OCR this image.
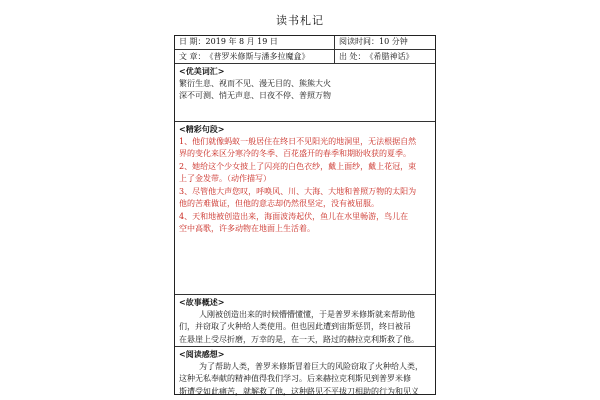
读书札记
日 期： 2019 年 8 月 19 日	阅读时间： 10 分钟
文 章： 《普罗米修斯与潘多拉魔盒》	出 处： 《希腊神话》
<优美词汇>
繁衍生息、视而不见、漫无目的、熊熊大火
深不可测、悄无声息、日夜不停、普照万物
<精彩句段>
1、他们就像蚂蚁一般居住在终日不见阳光的地洞里，无法根据自然
界的变化来区分寒冷的冬季、百花盛开的春季和期盼收获的夏季。
2、她给这个少女披上了闪亮的白色衣纱，戴上面纱，戴上花冠，束
上了金发带。（动作描写）
3、尽管他大声您叹，呼唤风、川、大海、大地和普照万物的太阳为
他的苦难做证，但他的意志却仍然很坚定，没有被屈服。
4、天和地被创造出来，海面波涛起伏，鱼儿在水里畅游，鸟儿在
空中高歌，许多动物在地面上生活着。
<故事概述>
人刚被创造出来的时候懵懵懂懂，于是普罗米修斯就来帮助他
们，并窃取了火种给人类使用。但也因此遭到宙斯惩罚，终日被吊
在悬崖上受尽折磨，万幸的是，在一天，路过的赫拉克利斯救了他。
<阅读感想>
为了帮助人类，普罗米修斯冒着巨大的风险窃取了火种给人类，
这种无私奉献的精神值得我们学习。后来赫拉克利斯见到普罗米修
斯遭受如此痛苦，就解救了他，这种路见不平拔刀相助的行为和见义
